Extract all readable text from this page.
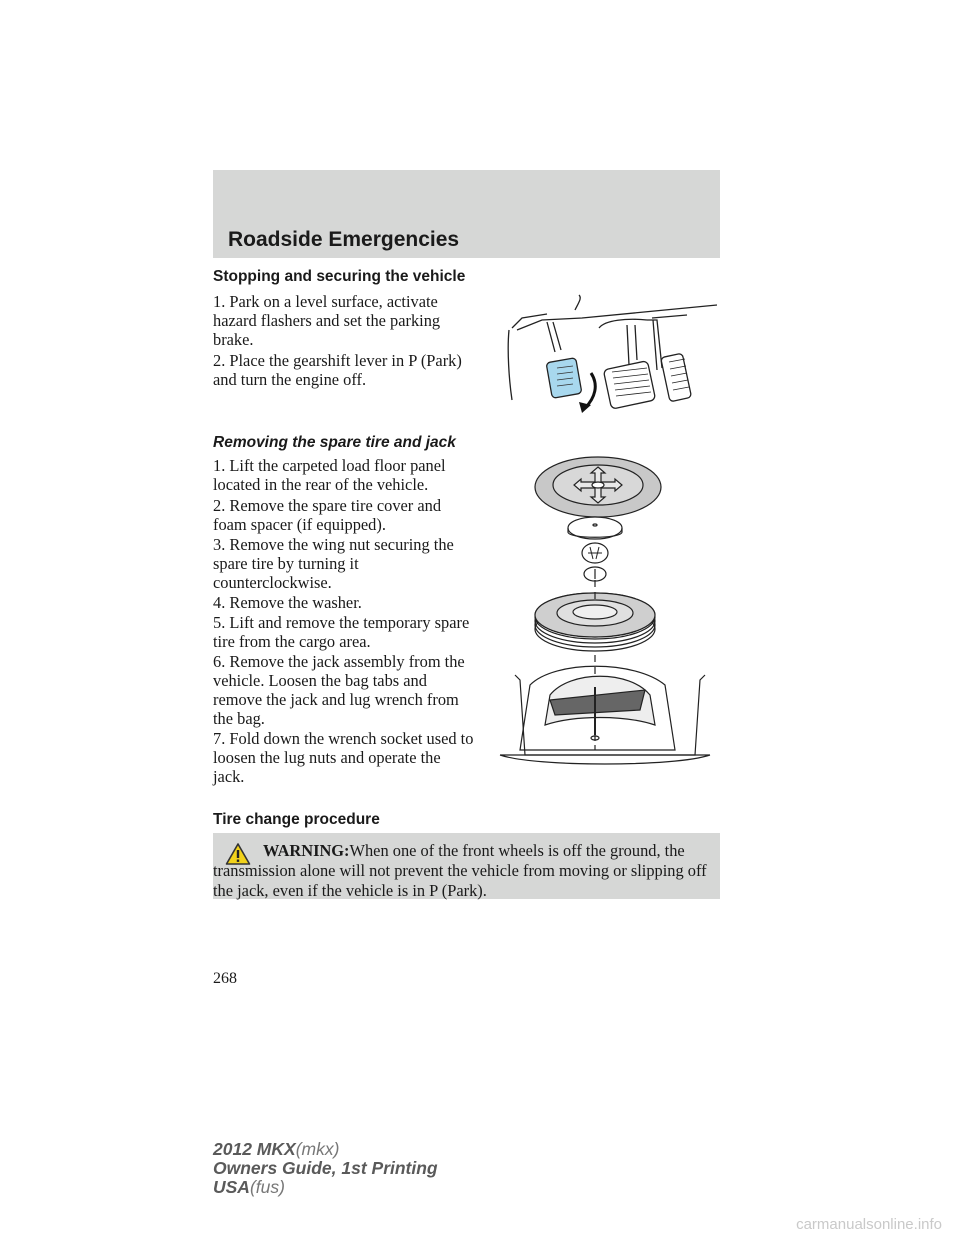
Roadside Emergencies
Stopping and securing the vehicle
1. Park on a level surface, activate hazard flashers and set the parking brake.
2. Place the gearshift lever in P (Park) and turn the engine off.
Removing the spare tire and jack
1. Lift the carpeted load floor panel located in the rear of the vehicle.
2. Remove the spare tire cover and foam spacer (if equipped).
3. Remove the wing nut securing the spare tire by turning it counterclockwise.
4. Remove the washer.
5. Lift and remove the temporary spare tire from the cargo area.
6. Remove the jack assembly from the vehicle. Loosen the bag tabs and remove the jack and lug wrench from the bag.
7. Fold down the wrench socket used to loosen the lug nuts and operate the jack.
Tire change procedure
WARNING:When one of the front wheels is off the ground, the transmission alone will not prevent the vehicle from moving or slipping off the jack, even if the vehicle is in P (Park).
268
2012 MKX(mkx)
Owners Guide, 1st Printing
USA(fus)
carmanualsonline.info
